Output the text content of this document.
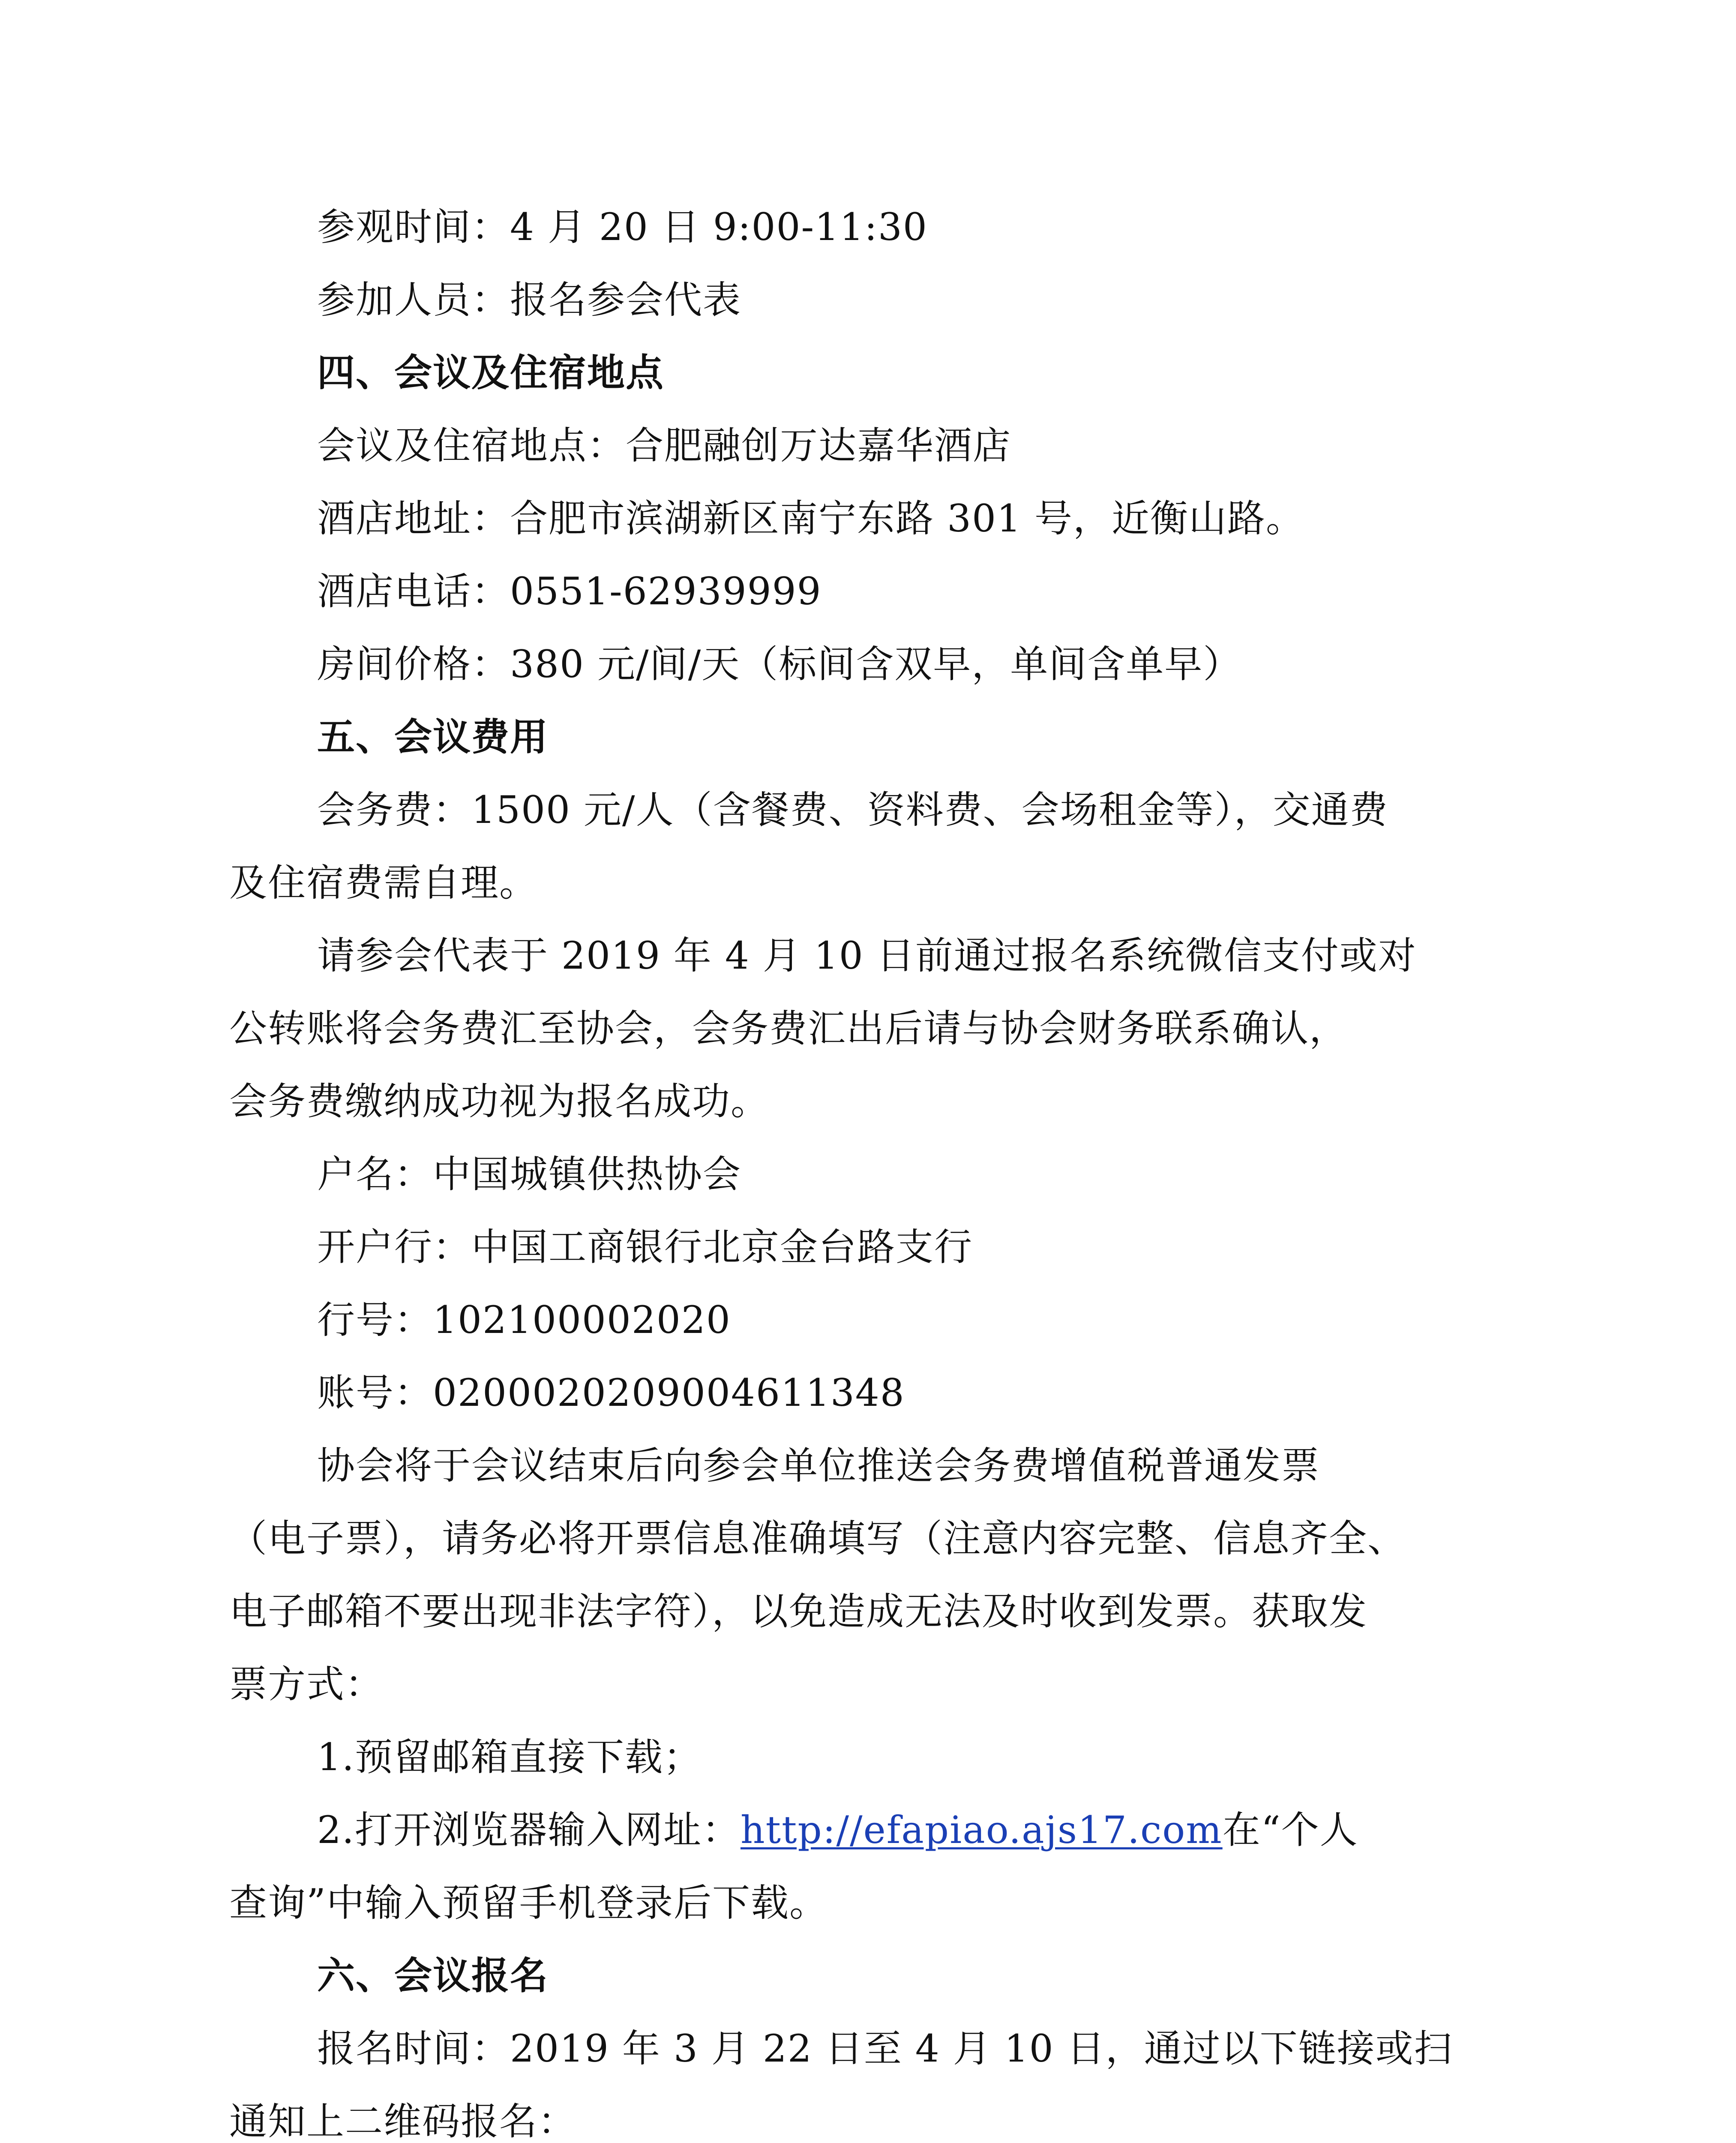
参观时间：4 月 20 日 9:00-11:30
参加人员：报名参会代表
四、会议及住宿地点
会议及住宿地点：合肥融创万达嘉华酒店
酒店地址：合肥市滨湖新区南宁东路 301 号，近衡山路。
酒店电话：0551-62939999
房间价格：380 元/间/天（标间含双早，单间含单早）
五、会议费用
会务费：1500 元/人（含餐费、资料费、会场租金等），交通费
及住宿费需自理。
请参会代表于 2019 年 4 月 10 日前通过报名系统微信支付或对
公转账将会务费汇至协会，会务费汇出后请与协会财务联系确认，
会务费缴纳成功视为报名成功。
户名：中国城镇供热协会
开户行：中国工商银行北京金台路支行
行号：102100002020
账号：0200020209004611348
协会将于会议结束后向参会单位推送会务费增值税普通发票
（电子票），请务必将开票信息准确填写（注意内容完整、信息齐全、
电子邮箱不要出现非法字符），以免造成无法及时收到发票。获取发
票方式：
1.预留邮箱直接下载；
2.打开浏览器输入网址：http://efapiao.ajs17.com在“个人
查询”中输入预留手机登录后下载。
六、会议报名
报名时间：2019 年 3 月 22 日至 4 月 10 日，通过以下链接或扫
通知上二维码报名：
